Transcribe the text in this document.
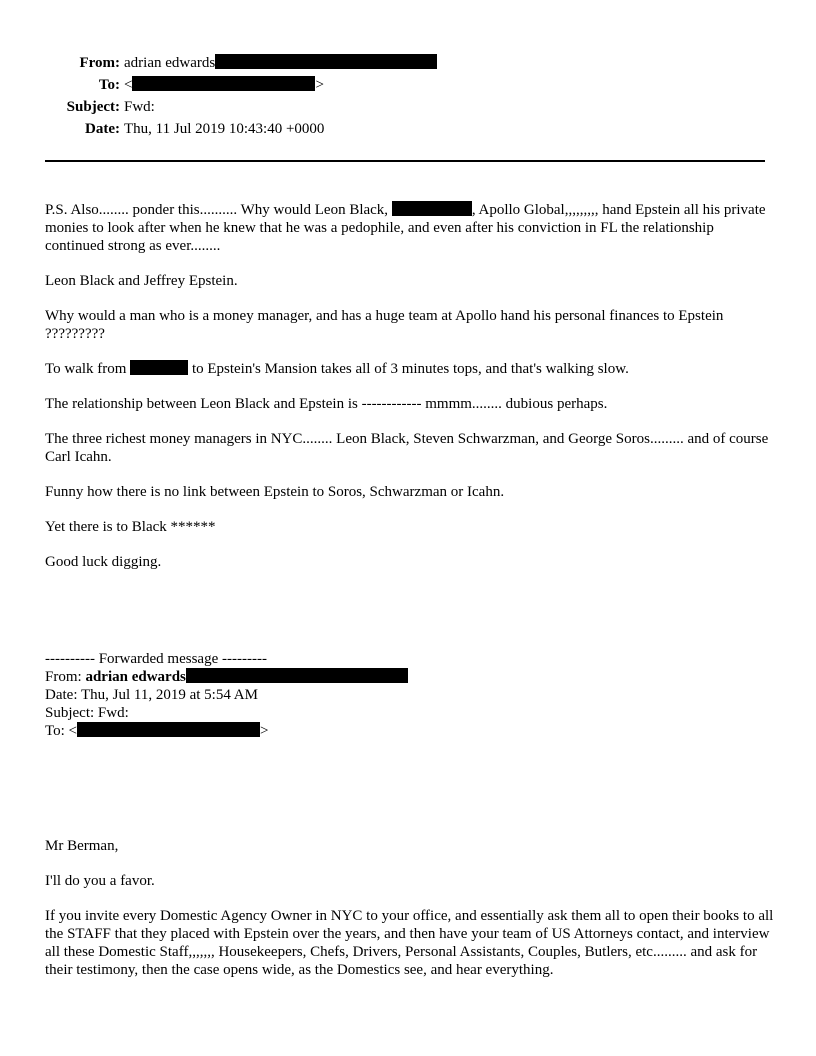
From: adrian edwards
To: <	>
Subject: Fwd:
Date: Thu, 11 Jul 2019 10:43:40 +0000

P.S. Also........ ponder this.......... Why would Leon Black,	, Apollo Global,,,,,,,,, hand Epstein all his private monies to look after when he knew that he was a pedophile, and even after his conviction in FL the relationship continued strong as ever........

Leon Black and Jeffrey Epstein.

Why would a man who is a money manager, and has a huge team at Apollo hand his personal finances to Epstein ?????????

To walk from	to Epstein's Mansion takes all of 3 minutes tops, and that's walking slow.

The relationship between Leon Black and Epstein is ------------ mmmm........ dubious perhaps.

The three richest money managers in NYC........ Leon Black, Steven Schwarzman, and George Soros......... and of course Carl Icahn.

Funny how there is no link between Epstein to Soros, Schwarzman or Icahn.

Yet there is to Black ******

Good luck digging.

---------- Forwarded message ---------

From: adrian edwards

Date: Thu, Jul 11, 2019 at 5:54 AM

Subject: Fwd:

To: <	>

Mr Berman,

I'll do you a favor.

If you invite every Domestic Agency Owner in NYC to your office, and essentially ask them all to open their books to all the STAFF that they placed with Epstein over the years, and then have your team of US Attorneys contact, and interview all these Domestic Staff,,,,,,, Housekeepers, Chefs, Drivers, Personal Assistants, Couples, Butlers, etc......... and ask for their testimony, then the case opens wide, as the Domestics see, and hear everything.
